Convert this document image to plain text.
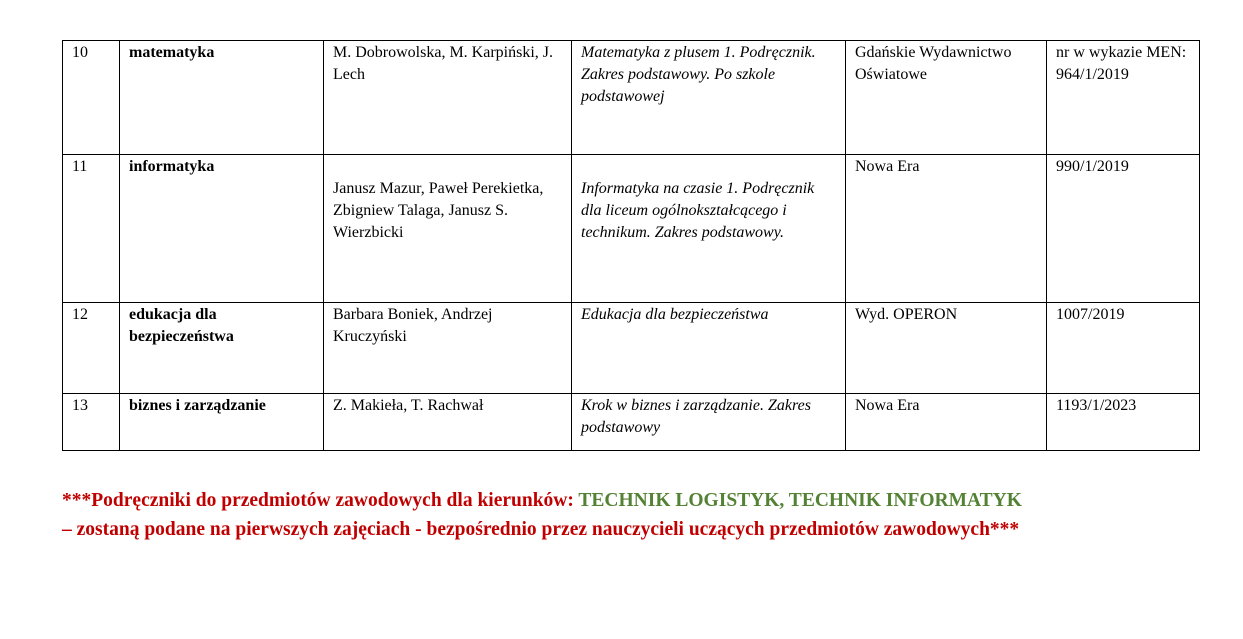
10	matematyka	M. Dobrowolska, M. Karpiński, J. Lech	Matematyka z plusem 1. Podręcznik. Zakres podstawowy. Po szkole podstawowej	Gdańskie Wydawnictwo Oświatowe	nr w wykazie MEN: 964/1/2019
11	informatyka	Janusz Mazur, Paweł Perekietka, Zbigniew Talaga, Janusz S. Wierzbicki	Informatyka na czasie 1. Podręcznik dla liceum ogólnokształcącego i technikum. Zakres podstawowy.	Nowa Era	990/1/2019
12	edukacja dla bezpieczeństwa	Barbara Boniek, Andrzej Kruczyński	Edukacja dla bezpieczeństwa	Wyd. OPERON	1007/2019
13	biznes i zarządzanie	Z. Makieła, T. Rachwał	Krok w biznes i zarządzanie. Zakres podstawowy	Nowa Era	1193/1/2023
***Podręczniki do przedmiotów zawodowych dla kierunków: TECHNIK LOGISTYK, TECHNIK INFORMATYK
– zostaną podane na pierwszych zajęciach - bezpośrednio przez nauczycieli uczących przedmiotów zawodowych***
